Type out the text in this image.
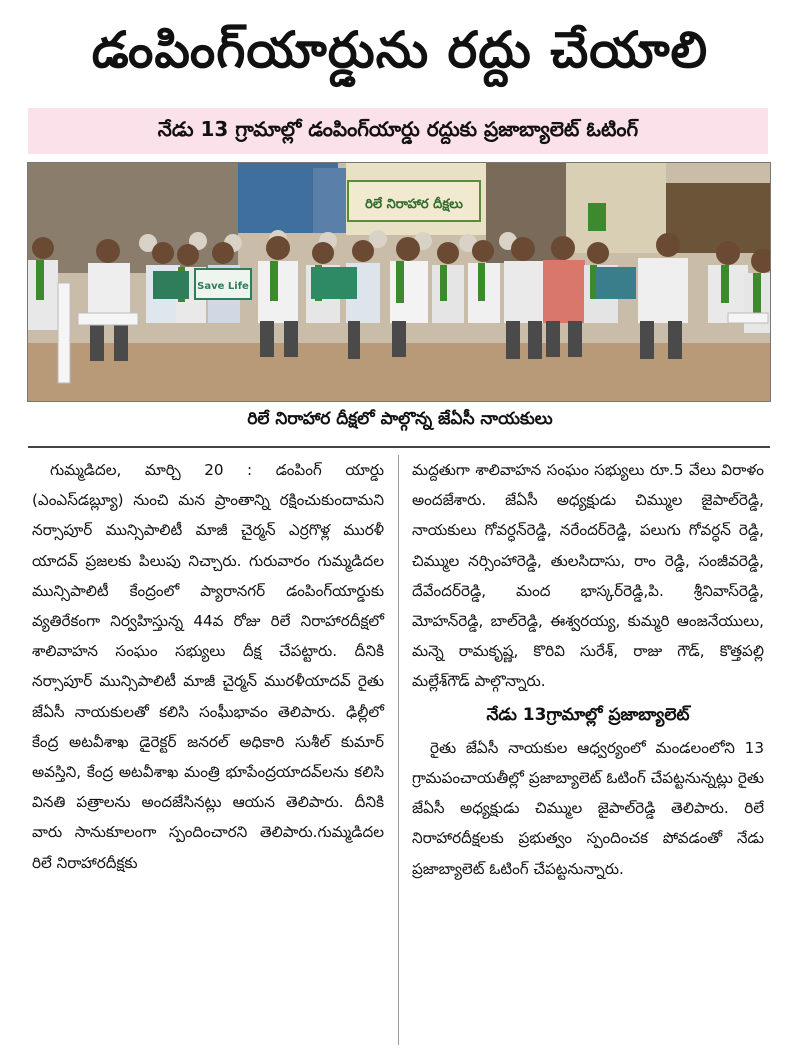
డంపింగ్‌యార్డును రద్దు చేయాలి
నేడు 13 గ్రామాల్లో డంపింగ్‌యార్డు రద్దుకు ప్రజాబ్యాలెట్ ఓటింగ్
రిలే నిరాహార దీక్షలు
Save Life
రిలే నిరాహార దీక్షలో పాల్గొన్న జేఏసీ నాయకులు

గుమ్మడిదల, మార్చి 20 : డంపింగ్ యార్డు (ఎంఎస్‌డబ్ల్యూ) నుంచి మన ప్రాంతాన్ని రక్షించుకుందామని నర్సాపూర్ మున్సిపాలిటీ మాజీ చైర్మన్ ఎర్రగొళ్ల మురళీ యాదవ్ ప్రజలకు పిలుపు నిచ్చారు. గురువారం గుమ్మడిదల మున్సిపాలిటీ కేంద్రంలో ప్యారానగర్ డంపింగ్‌యార్డుకు వ్యతిరేకంగా నిర్వహిస్తున్న 44వ రోజు రిలే నిరాహారదీక్షలో శాలివాహన సంఘం సభ్యులు దీక్ష చేపట్టారు. దీనికి నర్సాపూర్ మున్సిపాలిటీ మాజీ చైర్మన్ మురళీయాదవ్ రైతు జేఏసీ నాయకులతో కలిసి సంఘీభావం తెలిపారు. ఢిల్లీలో కేంద్ర అటవీశాఖ డైరెక్టర్ జనరల్ అధికారి సుశీల్ కుమార్ అవస్తిని, కేంద్ర అటవీశాఖ మంత్రి భూపేంద్రయాదవ్‌లను కలిసి వినతి పత్రాలను అందజేసినట్లు ఆయన తెలిపారు. దీనికి వారు సానుకూలంగా స్పందించారని తెలిపారు.గుమ్మడిదల రిలే నిరాహారదీక్షకు

మద్దతుగా శాలివాహన సంఘం సభ్యులు రూ.5 వేలు విరాళం అందజేశారు. జేఏసీ అధ్యక్షుడు చిమ్ముల జైపాల్‌రెడ్డి, నాయకులు గోవర్ధన్‌రెడ్డి, నరేందర్‌రెడ్డి, పలుగు గోవర్ధన్ రెడ్డి, చిమ్ముల నర్సింహారెడ్డి, తులసిదాసు, రాం రెడ్డి, సంజీవరెడ్డి, దేవేందర్‌రెడ్డి, మంద భాస్కర్‌రెడ్డి,పి. శ్రీనివాస్‌రెడ్డి, మోహన్‌రెడ్డి, బాల్‌రెడ్డి, ఈశ్వరయ్య, కుమ్మరి ఆంజనేయులు, మన్నె రామకృష్ణ, కొరివి సురేశ్, రాజు గౌడ్, కొత్తపల్లి మల్లేశ్‌గౌడ్ పాల్గొన్నారు.

నేడు 13గ్రామాల్లో ప్రజాబ్యాలెట్

రైతు జేఏసీ నాయకుల ఆధ్వర్యంలో మండలంలోని 13 గ్రామపంచాయతీల్లో ప్రజాబ్యాలెట్ ఓటింగ్ చేపట్టనున్నట్లు రైతు జేఏసీ అధ్యక్షుడు చిమ్ముల జైపాల్‌రెడ్డి తెలిపారు. రిలే నిరాహారదీక్షలకు ప్రభుత్వం స్పందించక పోవడంతో నేడు ప్రజాబ్యాలెట్ ఓటింగ్ చేపట్టనున్నారు.
